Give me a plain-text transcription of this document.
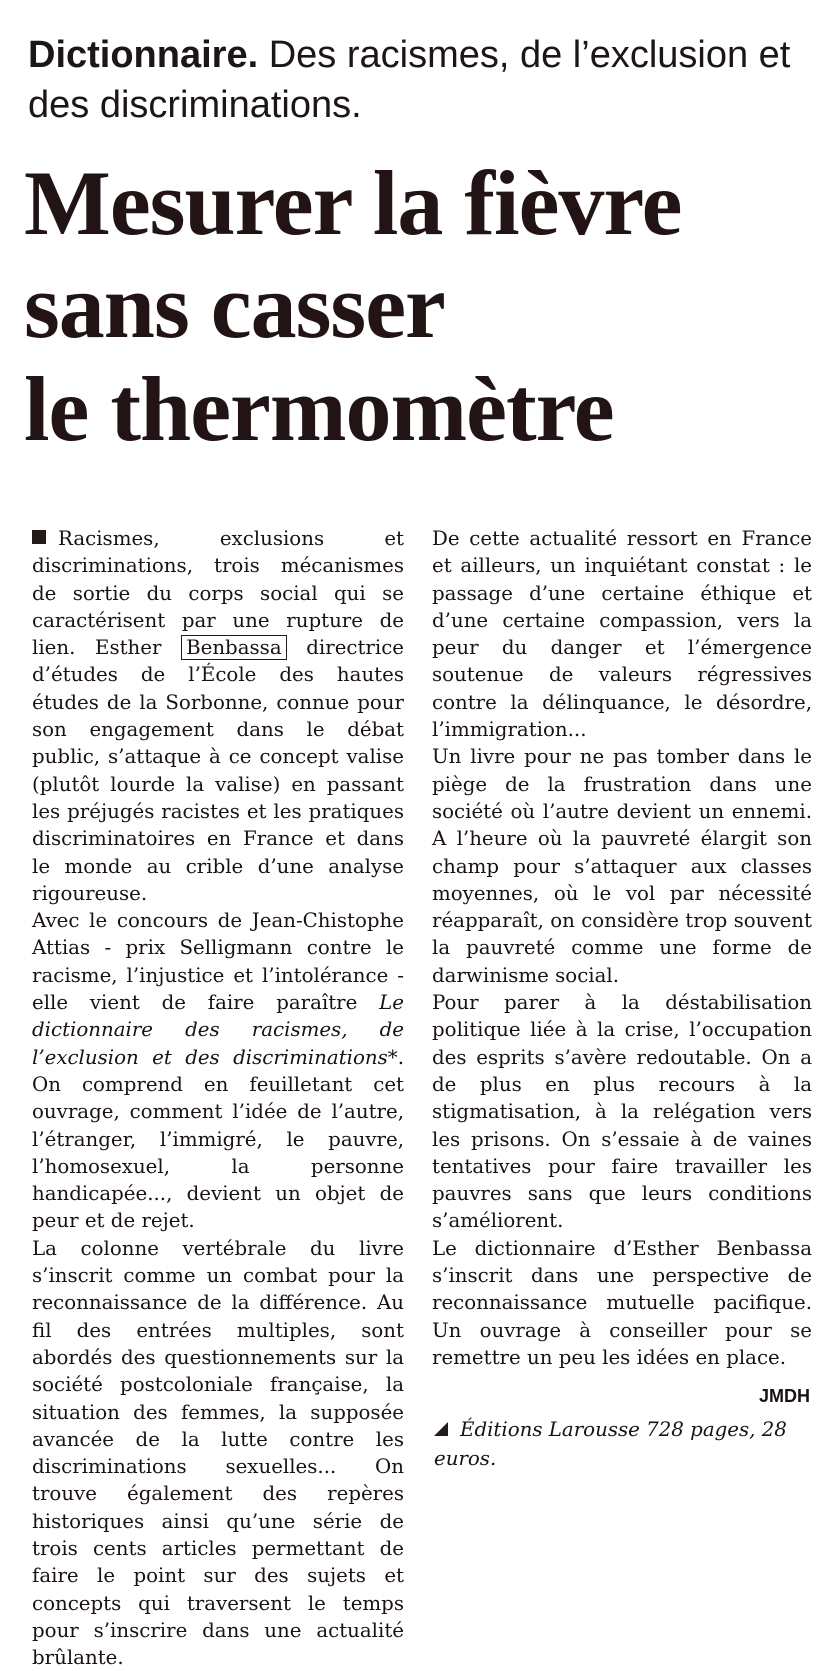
Dictionnaire. Des racismes, de l’exclusion et des discriminations.
Mesurer la fièvre
sans casser
le thermomètre

Racismes, exclusions et discriminations, trois mécanismes de sortie du corps social qui se caractérisent par une rupture de lien. Esther Benbassa directrice d’études de l’École des hautes études de la Sorbonne, connue pour son engagement dans le débat public, s’attaque à ce concept valise (plutôt lourde la valise) en passant les préjugés racistes et les pratiques discriminatoires en France et dans le monde au crible d’une analyse rigoureuse.

Avec le concours de Jean-Chistophe Attias - prix Selligmann contre le racisme, l’injustice et l’intolérance - elle vient de faire paraître Le dictionnaire des racismes, de l’exclusion et des discriminations*. On comprend en feuilletant cet ouvrage, comment l’idée de l’autre, l’étranger, l’immigré, le pauvre, l’homosexuel, la personne handicapée..., devient un objet de peur et de rejet.

La colonne vertébrale du livre s’inscrit comme un combat pour la reconnaissance de la différence. Au fil des entrées multiples, sont abordés des questionnements sur la société postcoloniale française, la situation des femmes, la supposée avancée de la lutte contre les discriminations sexuelles... On trouve également des repères historiques ainsi qu’une série de trois cents articles permettant de faire le point sur des sujets et concepts qui traversent le temps pour s’inscrire dans une actualité brûlante.

De cette actualité ressort en France et ailleurs, un inquiétant constat : le passage d’une certaine éthique et d’une certaine compassion, vers la peur du danger et l’émergence soutenue de valeurs régressives contre la délinquance, le désordre, l’immigration...

Un livre pour ne pas tomber dans le piège de la frustration dans une société où l’autre devient un ennemi. A l’heure où la pauvreté élargit son champ pour s’attaquer aux classes moyennes, où le vol par nécessité réapparaît, on considère trop souvent la pauvreté comme une forme de darwinisme social.

Pour parer à la déstabilisation politique liée à la crise, l’occupation des esprits s’avère redoutable. On a de plus en plus recours à la stigmatisation, à la relégation vers les prisons. On s’essaie à de vaines tentatives pour faire travailler les pauvres sans que leurs conditions s’améliorent.

Le dictionnaire d’Esther Benbassa s’inscrit dans une perspective de reconnaissance mutuelle pacifique. Un ouvrage à conseiller pour se remettre un peu les idées en place.

JMDH
Éditions Larousse 728 pages, 28 euros.
